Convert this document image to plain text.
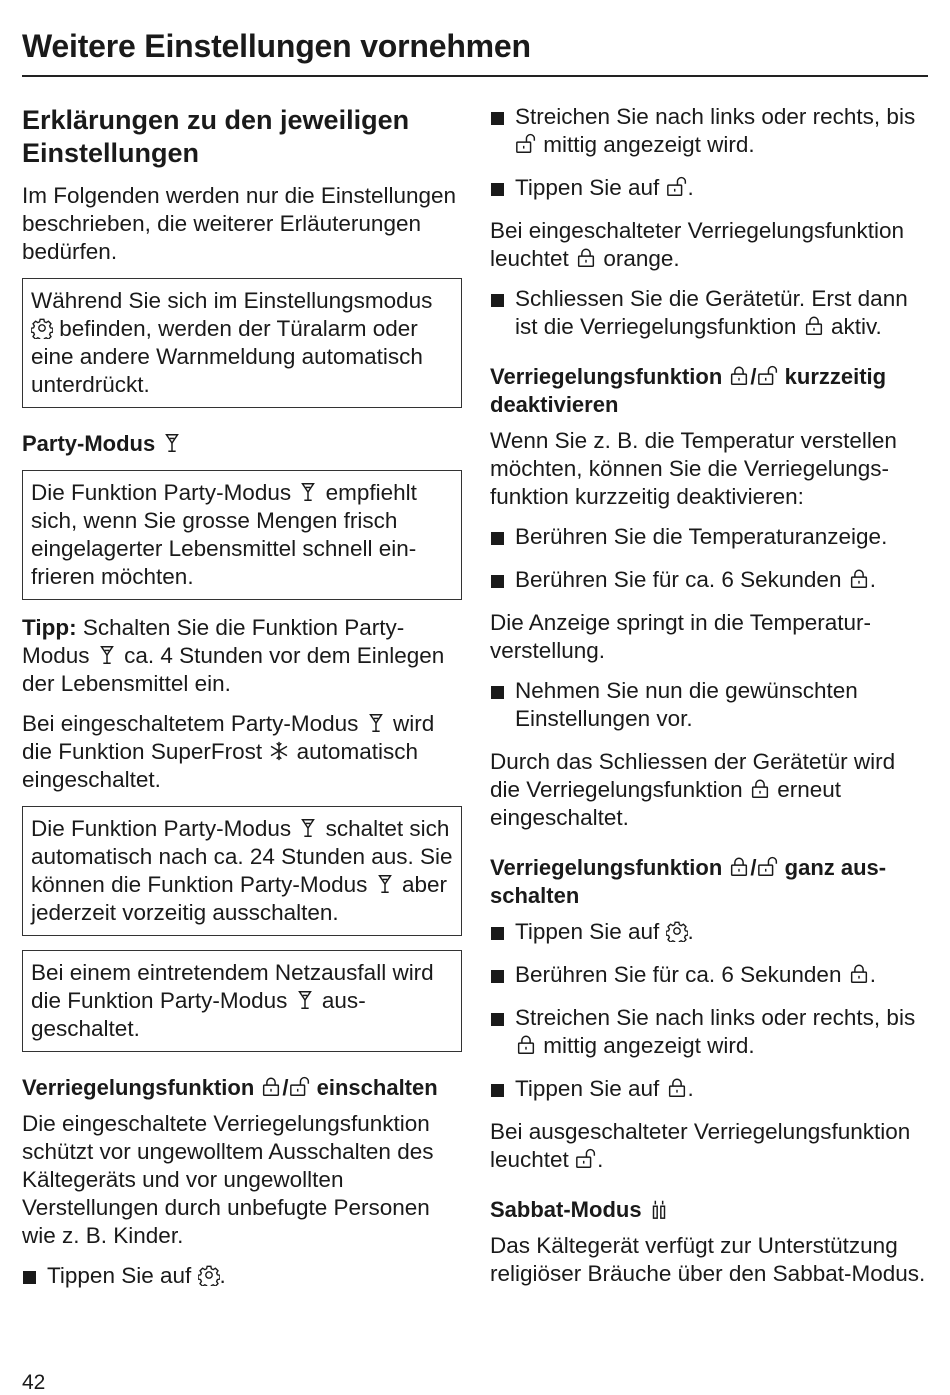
Weitere Einstellungen vornehmen
Erklärungen zu den jeweiligen Einstellungen

Im Folgenden werden nur die Einstellungen beschrieben, die weiterer Erläuterungen bedürfen.

Während Sie sich im Einstellungsmodus
befinden, werden der Türalarm oder eine andere Warnmeldung automatisch unterdrückt.
Party-Modus
Die Funktion Party-Modus empfiehlt sich, wenn Sie grosse Mengen frisch eingelagerter Lebensmittel schnell einfrieren möchten.

Tipp: Schalten Sie die Funktion Party-Modus ca. 4 Stunden vor dem Einlegen der Lebensmittel ein.

Bei eingeschaltetem Party-Modus wird die Funktion SuperFrost automatisch eingeschaltet.

Die Funktion Party-Modus schaltet sich automatisch nach ca. 24 Stunden aus. Sie können die Funktion Party-Modus aber jederzeit vorzeitig ausschalten.
Bei einem eintretendem Netzausfall wird die Funktion Party-Modus ausgeschaltet.
Verriegelungsfunktion / einschalten

Die eingeschaltete Verriegelungsfunktion schützt vor ungewolltem Ausschalten des Kältegeräts und vor ungewollten Verstellungen durch unbefugte Personen wie z. B. Kinder.

Tippen Sie auf .
Streichen Sie nach links oder rechts, bis
mittig angezeigt wird.
Tippen Sie auf .

Bei eingeschalteter Verriegelungsfunktion leuchtet orange.

Schliessen Sie die Gerätetür. Erst dann ist die Verriegelungsfunktion aktiv.
Verriegelungsfunktion / kurzzeitig deaktivieren

Wenn Sie z. B. die Temperatur verstellen möchten, können Sie die Verriegelungsfunktion kurzzeitig deaktivieren:

Berühren Sie die Temperaturanzeige.
Berühren Sie für ca. 6 Sekunden .

Die Anzeige springt in die Temperaturverstellung.

Nehmen Sie nun die gewünschten Einstellungen vor.

Durch das Schliessen der Gerätetür wird die Verriegelungsfunktion erneut eingeschaltet.

Verriegelungsfunktion / ganz ausschalten
Tippen Sie auf .
Berühren Sie für ca. 6 Sekunden .
Streichen Sie nach links oder rechts, bis
mittig angezeigt wird.
Tippen Sie auf .

Bei ausgeschalteter Verriegelungsfunktion leuchtet .

Sabbat-Modus

Das Kältegerät verfügt zur Unterstützung religiöser Bräuche über den Sabbat-Modus.

42
